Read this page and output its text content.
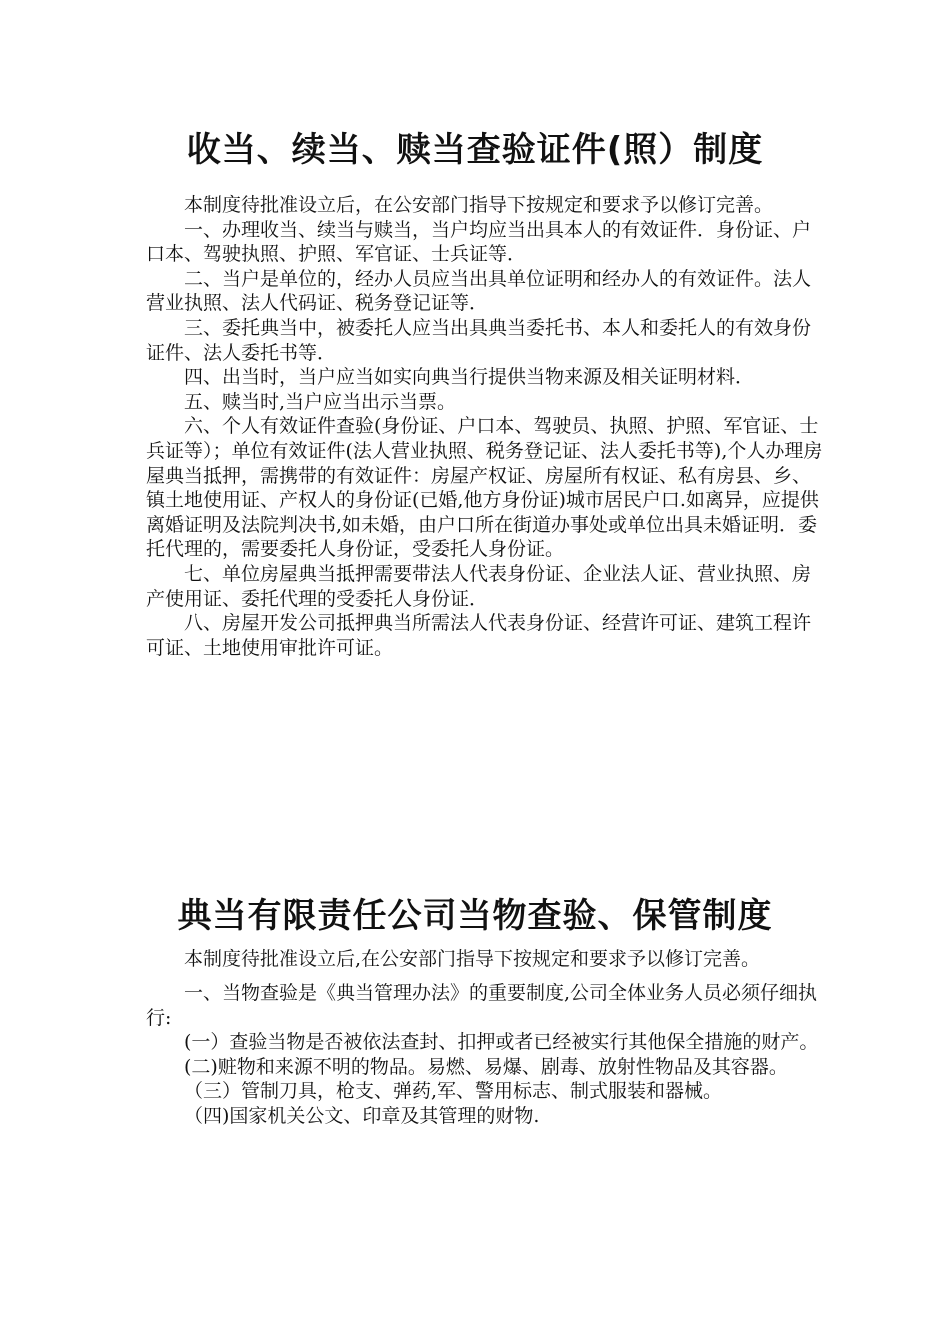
收当、续当、赎当查验证件(照）制度

本制度待批准设立后，在公安部门指导下按规定和要求予以修订完善。

一、办理收当、续当与赎当，当户均应当出具本人的有效证件．身份证、户口本、驾驶执照、护照、军官证、士兵证等．

二、当户是单位的，经办人员应当出具单位证明和经办人的有效证件。法人营业执照、法人代码证、税务登记证等．

三、委托典当中，被委托人应当出具典当委托书、本人和委托人的有效身份证件、法人委托书等．

四、出当时，当户应当如实向典当行提供当物来源及相关证明材料．

五、赎当时,当户应当出示当票。

六、个人有效证件查验(身份证、户口本、驾驶员、执照、护照、军官证、士兵证等）；单位有效证件(法人营业执照、税务登记证、法人委托书等),个人办理房屋典当抵押，需携带的有效证件：房屋产权证、房屋所有权证、私有房县、乡、镇土地使用证、产权人的身份证(已婚,他方身份证)城市居民户口.如离异，应提供离婚证明及法院判决书,如未婚，由户口所在街道办事处或单位出具未婚证明．委托代理的，需要委托人身份证，受委托人身份证。

七、单位房屋典当抵押需要带法人代表身份证、企业法人证、营业执照、房产使用证、委托代理的受委托人身份证．

八、房屋开发公司抵押典当所需法人代表身份证、经营许可证、建筑工程许可证、土地使用审批许可证。

典当有限责任公司当物查验、保管制度

本制度待批准设立后,在公安部门指导下按规定和要求予以修订完善。

一、当物查验是《典当管理办法》的重要制度,公司全体业务人员必须仔细执行:

(一）查验当物是否被依法查封、扣押或者已经被实行其他保全措施的财产。

(二)赃物和来源不明的物品。易燃、易爆、剧毒、放射性物品及其容器。

（三）管制刀具，枪支、弹药,军、警用标志、制式服装和器械。

（四)国家机关公文、印章及其管理的财物.
